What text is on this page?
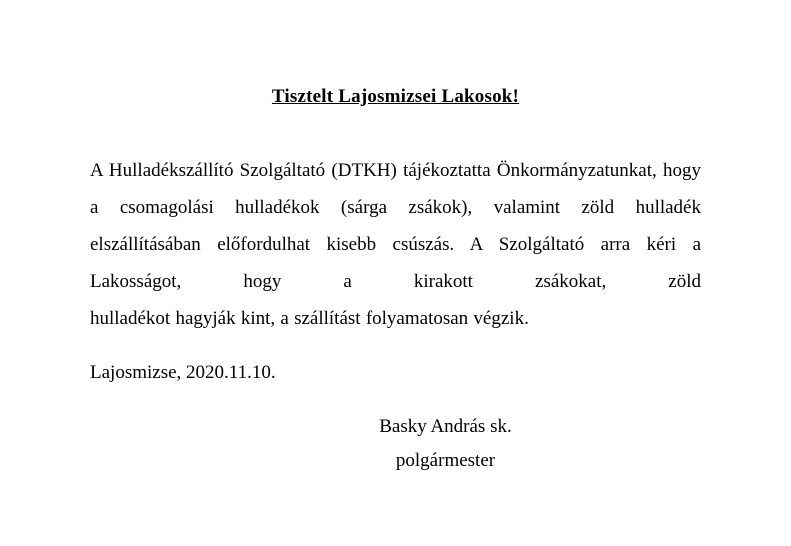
Tisztelt Lajosmizsei Lakosok!

A Hulladékszállító Szolgáltató (DTKH) tájékoztatta Önkormányzatunkat, hogy a csomagolási hulladékok (sárga zsákok), valamint zöld hulladék elszállításában előfordulhat kisebb csúszás. A Szolgáltató arra kéri a Lakosságot, hogy a kirakott zsákokat, zöld
hulladékot hagyják kint, a szállítást folyamatosan végzik.

Lajosmizse, 2020.11.10.

Basky András sk.
polgármester
